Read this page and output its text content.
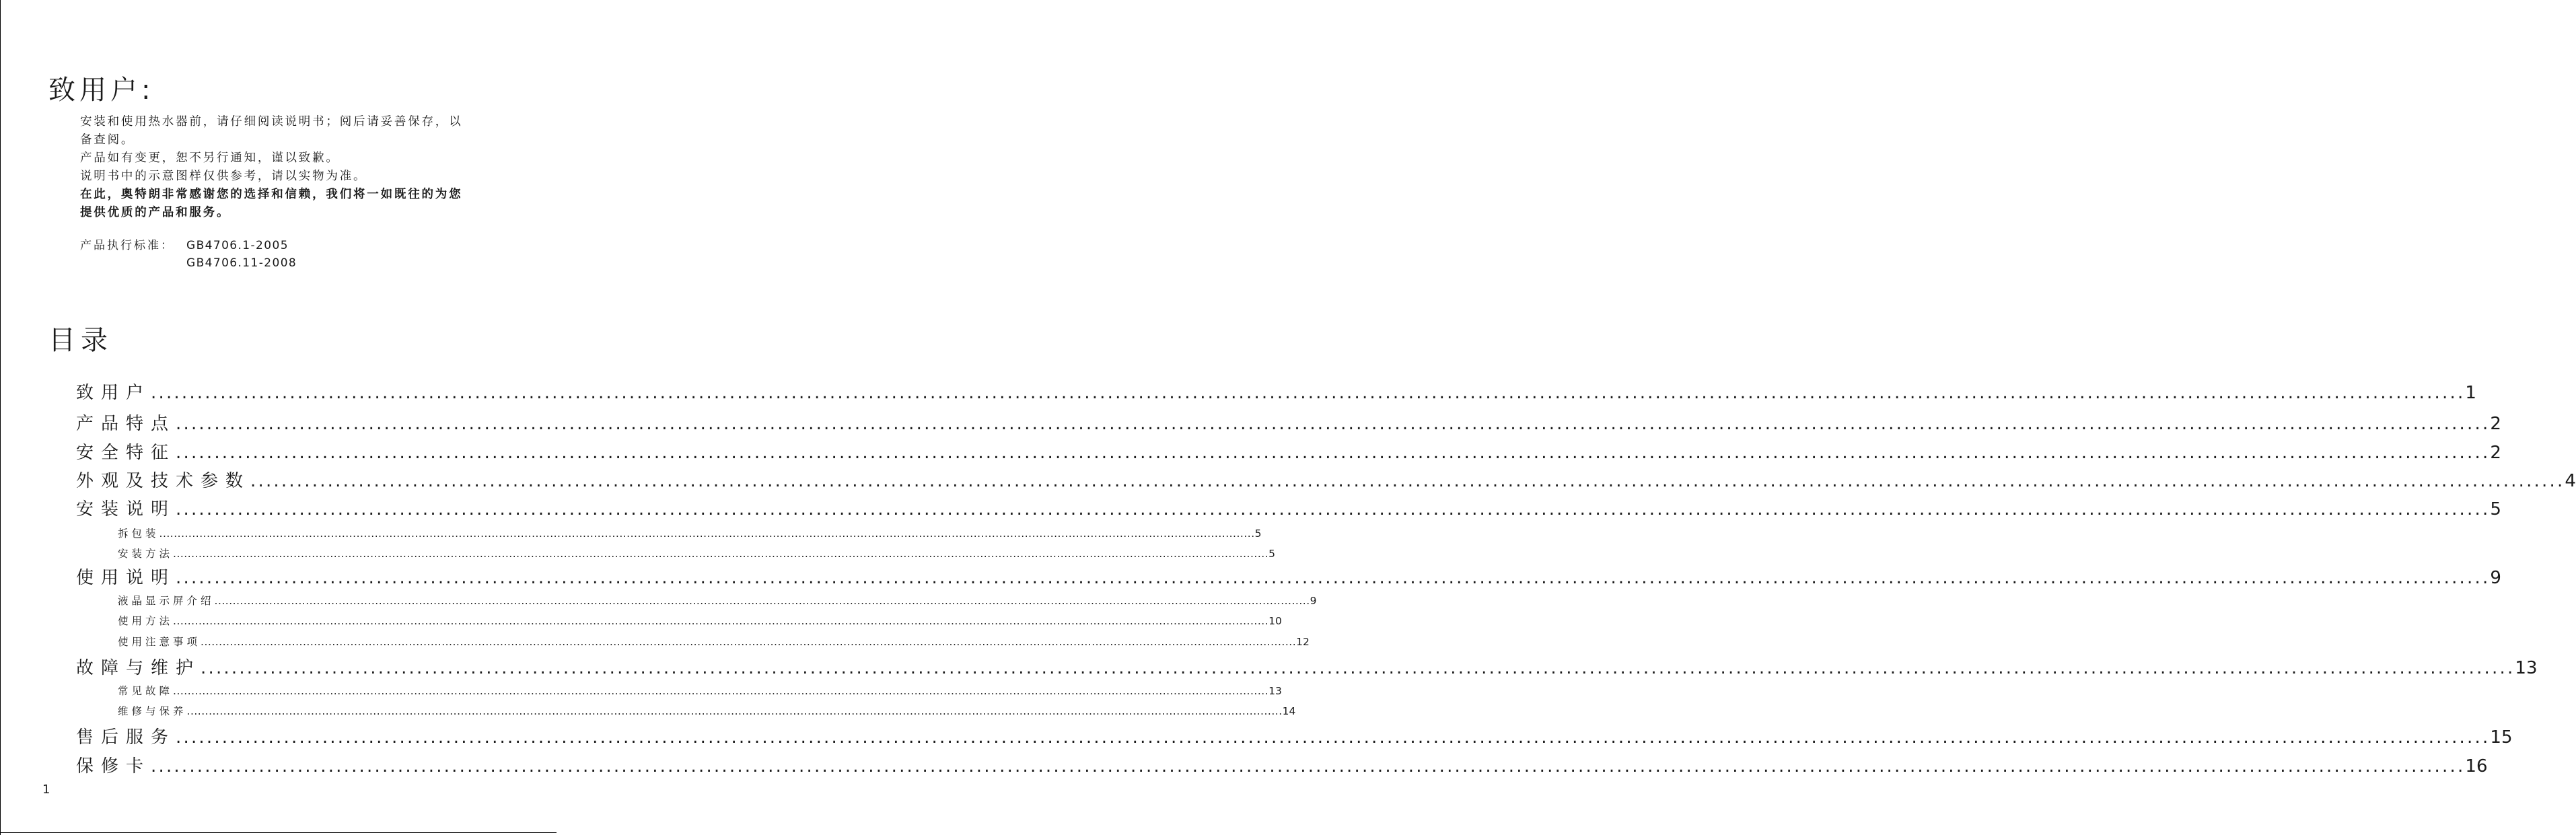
致用户:

安装和使用热水器前，请仔细阅读说明书；阅后请妥善保存，以

备查阅。

产品如有变更，恕不另行通知，谨以致歉。

说明书中的示意图样仅供参考，请以实物为准。

在此，奥特朗非常感谢您的选择和信赖，我们将一如既往的为您

提供优质的产品和服务。

产品执行标准：	GB4706.1-2005
GB4706.11-2008
目录
致用户 ............................................................................................................................................................................................................................................................................................................ 1
产品特点 ............................................................................................................................................................................................................................................................................................................ 2
安全特征 ............................................................................................................................................................................................................................................................................................................ 2
外观及技术参数 ............................................................................................................................................................................................................................................................................................................ 4
安装说明 ............................................................................................................................................................................................................................................................................................................ 5
拆包装 ............................................................................................................................................................................................................................................................................................................ 5
安装方法 ............................................................................................................................................................................................................................................................................................................ 5
使用说明 ............................................................................................................................................................................................................................................................................................................ 9
液晶显示屏介绍 ............................................................................................................................................................................................................................................................................................................ 9
使用方法 ............................................................................................................................................................................................................................................................................................................ 10
使用注意事项 ............................................................................................................................................................................................................................................................................................................ 12
故障与维护 ............................................................................................................................................................................................................................................................................................................ 13
常见故障 ............................................................................................................................................................................................................................................................................................................ 13
维修与保养 ............................................................................................................................................................................................................................................................................................................ 14
售后服务 ............................................................................................................................................................................................................................................................................................................ 15
保修卡 ............................................................................................................................................................................................................................................................................................................ 16
1
